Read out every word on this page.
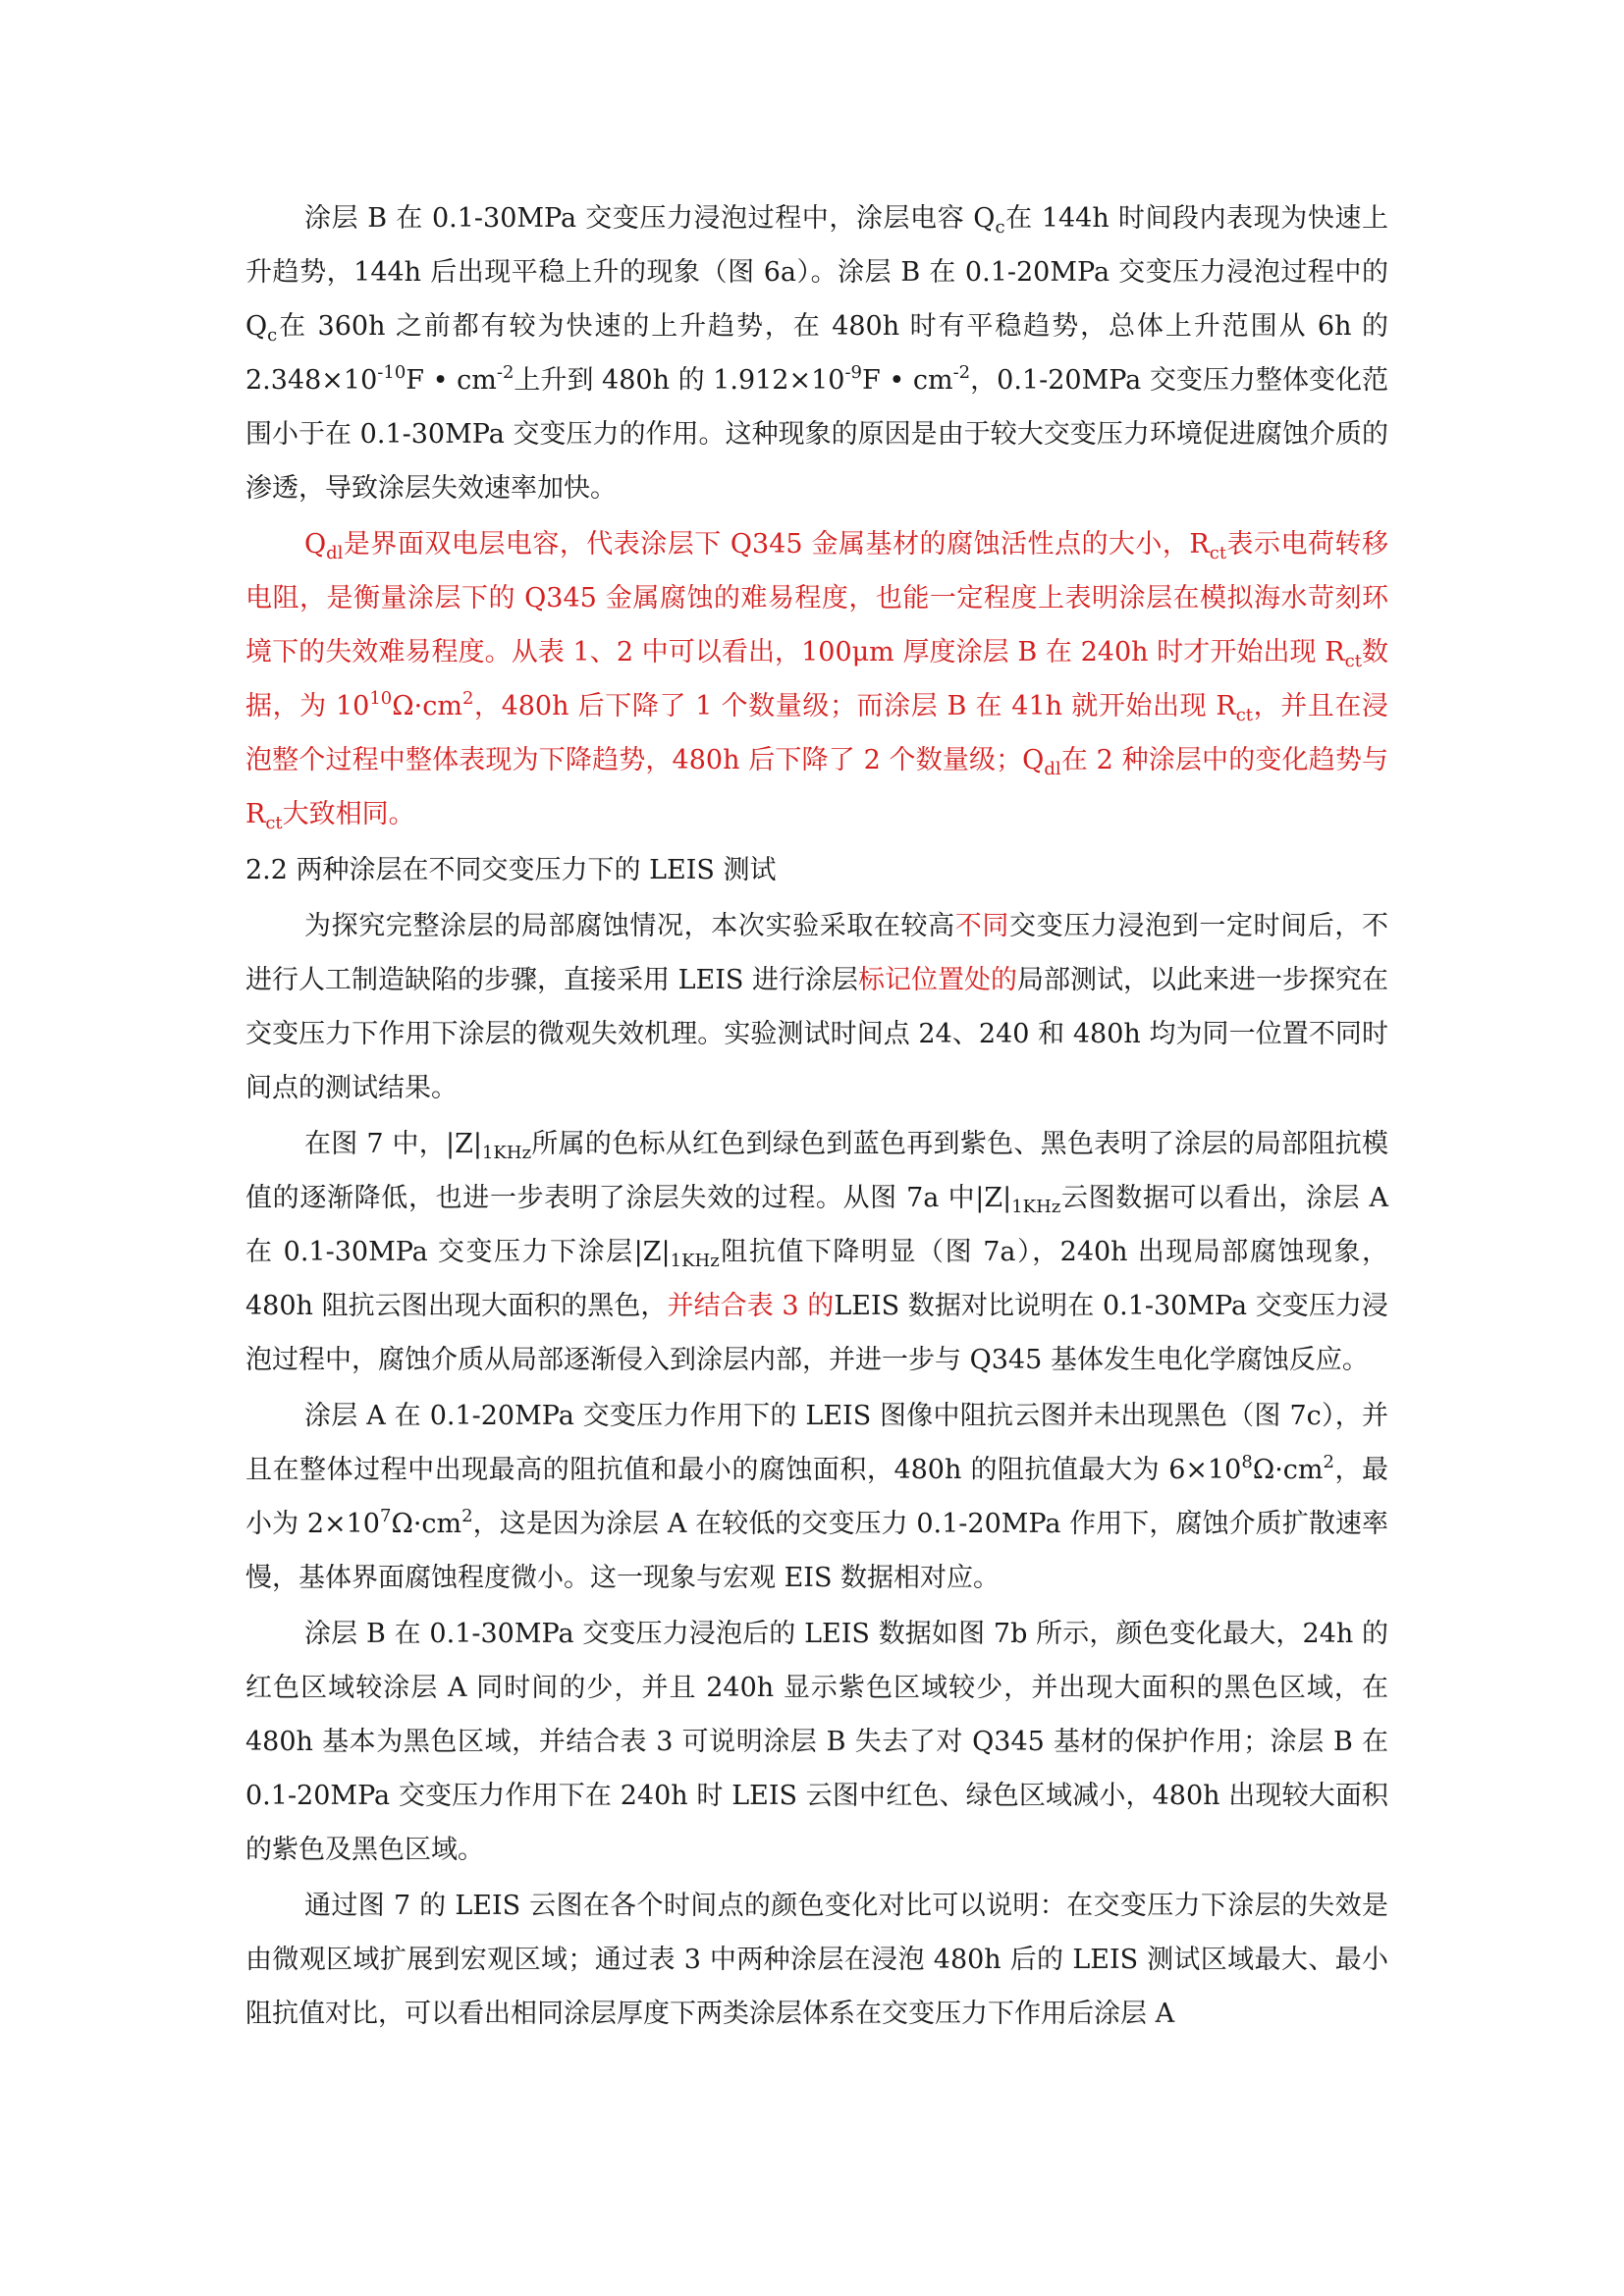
涂层 B 在 0.1-30MPa 交变压力浸泡过程中，涂层电容 $Q_c$在 144h 时间段内表现为快速上升趋势，144h 后出现平稳上升的现象（图 6a）。涂层 B 在 0.1-20MPa 交变压力浸泡过程中的 $Q_c$在 360h 之前都有较为快速的上升趋势，在 480h 时有平稳趋势，总体上升范围从 6h 的 $2.348\times 10^{-10}F$ • $cm^{-2}$上升到 480h 的 $1.912\times 10^{-9}F$ • $cm^{-2}$，0.1-20MPa 交变压力整体变化范围小于在 0.1-30MPa 交变压力的作用。这种现象的原因是由于较大交变压力环境促进腐蚀介质的渗透，导致涂层失效速率加快。

$Q_{dl}$是界面双电层电容，代表涂层下 Q345 金属基材的腐蚀活性点的大小，$R_{ct}$表示电荷转移电阻，是衡量涂层下的 Q345 金属腐蚀的难易程度，也能一定程度上表明涂层在模拟海水苛刻环境下的失效难易程度。从表 1、2 中可以看出，100μm 厚度涂层 B 在 240h 时才开始出现 $R_{ct}$数据，为 $10^{10}\Omega\cdot cm^2$，480h 后下降了 1 个数量级；而涂层 B 在 41h 就开始出现 $R_{ct}$，并且在浸泡整个过程中整体表现为下降趋势，480h 后下降了 2 个数量级；$Q_{dl}$在 2 种涂层中的变化趋势与 $R_{ct}$大致相同。

2.2 两种涂层在不同交变压力下的 LEIS 测试

为探究完整涂层的局部腐蚀情况，本次实验采取在较高不同交变压力浸泡到一定时间后，不进行人工制造缺陷的步骤，直接采用 LEIS 进行涂层标记位置处的局部测试，以此来进一步探究在交变压力下作用下涂层的微观失效机理。实验测试时间点 24、240 和 480h 均为同一位置不同时间点的测试结果。

在图 7 中，$|Z|_{1KHz}$所属的色标从红色到绿色到蓝色再到紫色、黑色表明了涂层的局部阻抗模值的逐渐降低，也进一步表明了涂层失效的过程。从图 7a 中$|Z|_{1KHz}$云图数据可以看出，涂层 A 在 0.1-30MPa 交变压力下涂层$|Z|_{1KHz}$阻抗值下降明显（图 7a），240h 出现局部腐蚀现象，480h 阻抗云图出现大面积的黑色，并结合表 3 的LEIS 数据对比说明在 0.1-30MPa 交变压力浸泡过程中，腐蚀介质从局部逐渐侵入到涂层内部，并进一步与 Q345 基体发生电化学腐蚀反应。

涂层 A 在 0.1-20MPa 交变压力作用下的 LEIS 图像中阻抗云图并未出现黑色（图 7c），并且在整体过程中出现最高的阻抗值和最小的腐蚀面积，480h 的阻抗值最大为 $6\times 10^8\Omega\cdot cm^2$，最小为 $2\times 10^7\Omega\cdot cm^2$，这是因为涂层 A 在较低的交变压力 0.1-20MPa 作用下，腐蚀介质扩散速率慢，基体界面腐蚀程度微小。这一现象与宏观 EIS 数据相对应。

涂层 B 在 0.1-30MPa 交变压力浸泡后的 LEIS 数据如图 7b 所示，颜色变化最大，24h 的红色区域较涂层 A 同时间的少，并且 240h 显示紫色区域较少，并出现大面积的黑色区域，在 480h 基本为黑色区域，并结合表 3 可说明涂层 B 失去了对 Q345 基材的保护作用；涂层 B 在 0.1-20MPa 交变压力作用下在 240h 时 LEIS 云图中红色、绿色区域减小，480h 出现较大面积的紫色及黑色区域。

通过图 7 的 LEIS 云图在各个时间点的颜色变化对比可以说明：在交变压力下涂层的失效是由微观区域扩展到宏观区域；通过表 3 中两种涂层在浸泡 480h 后的 LEIS 测试区域最大、最小阻抗值对比，可以看出相同涂层厚度下两类涂层体系在交变压力下作用后涂层 A
